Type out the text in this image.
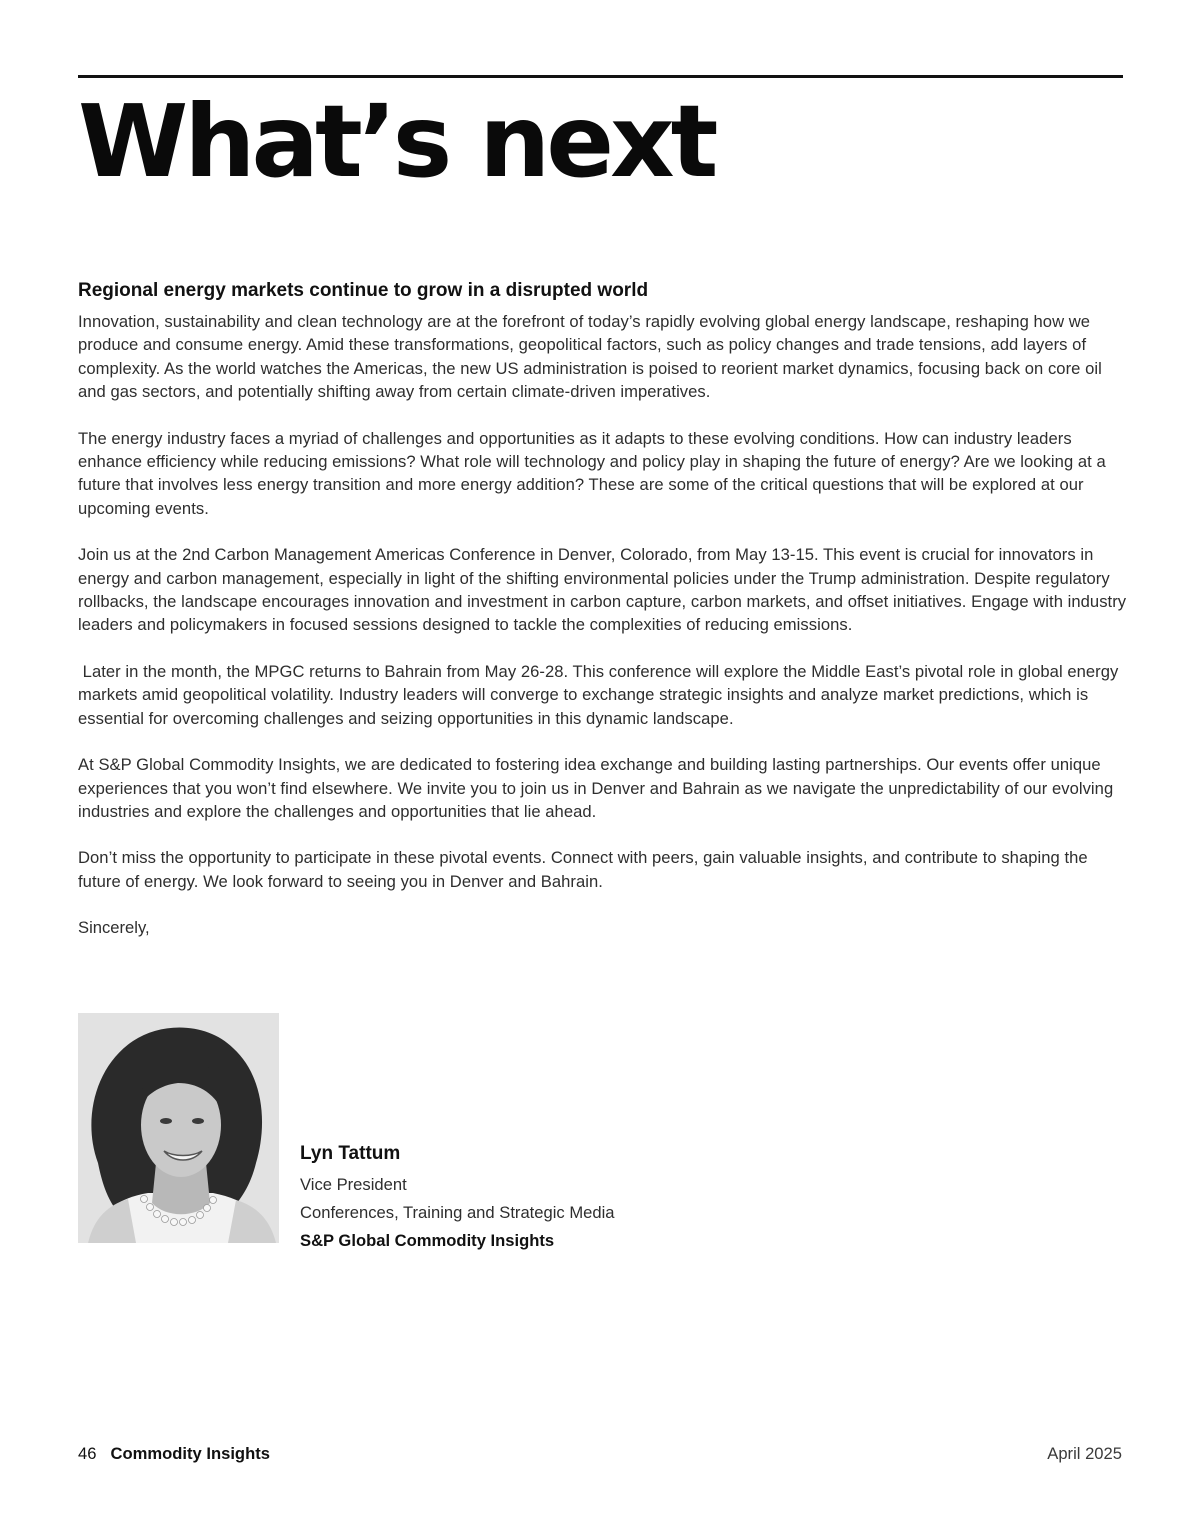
What’s next
Regional energy markets continue to grow in a disrupted world

Innovation, sustainability and clean technology are at the forefront of today’s rapidly evolving global energy landscape, reshaping how we produce and consume energy. Amid these transformations, geopolitical factors, such as policy changes and trade tensions, add layers of complexity. As the world watches the Americas, the new US administration is poised to reorient market dynamics, focusing back on core oil and gas sectors, and potentially shifting away from certain climate-driven imperatives.

The energy industry faces a myriad of challenges and opportunities as it adapts to these evolving conditions. How can industry leaders enhance efficiency while reducing emissions? What role will technology and policy play in shaping the future of energy? Are we looking at a future that involves less energy transition and more energy addition? These are some of the critical questions that will be explored at our upcoming events.

Join us at the 2nd Carbon Management Americas Conference in Denver, Colorado, from May 13-15. This event is crucial for innovators in energy and carbon management, especially in light of the shifting environmental policies under the Trump administration. Despite regulatory rollbacks, the landscape encourages innovation and investment in carbon capture, carbon markets, and offset initiatives. Engage with industry leaders and policymakers in focused sessions designed to tackle the complexities of reducing emissions.

Later in the month, the MPGC returns to Bahrain from May 26-28. This conference will explore the Middle East’s pivotal role in global energy markets amid geopolitical volatility. Industry leaders will converge to exchange strategic insights and analyze market predictions, which is essential for overcoming challenges and seizing opportunities in this dynamic landscape.

At S&P Global Commodity Insights, we are dedicated to fostering idea exchange and building lasting partnerships. Our events offer unique experiences that you won’t find elsewhere. We invite you to join us in Denver and Bahrain as we navigate the unpredictability of our evolving industries and explore the challenges and opportunities that lie ahead.

Don’t miss the opportunity to participate in these pivotal events. Connect with peers, gain valuable insights, and contribute to shaping the future of energy. We look forward to seeing you in Denver and Bahrain.

Sincerely,

Lyn Tattum

Vice President

Conferences, Training and Strategic Media

S&P Global Commodity Insights

46 Commodity Insights	April 2025
